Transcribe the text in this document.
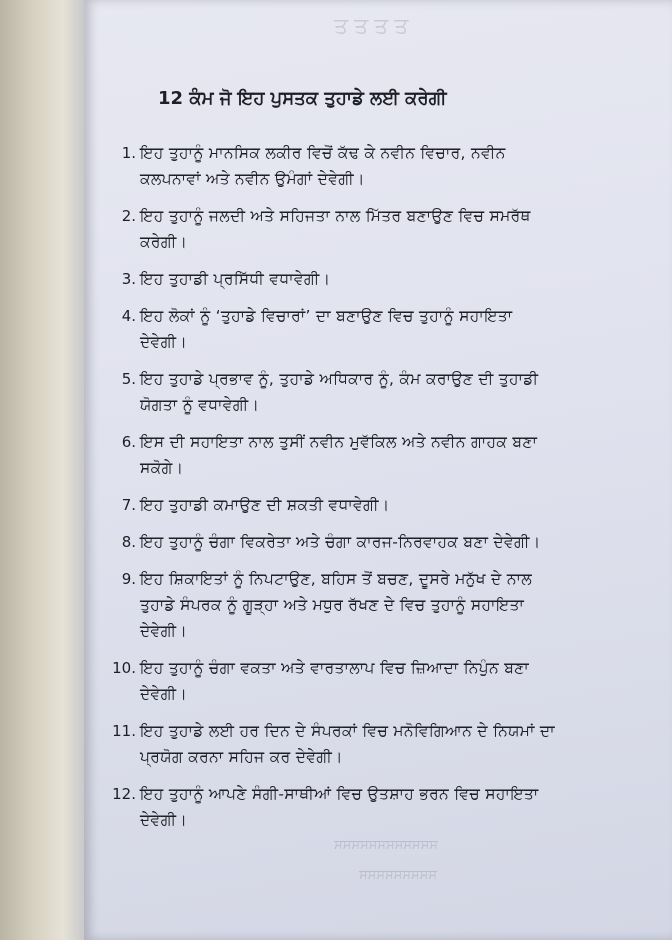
ਤਤਤਤ
ਸਸਸਸਸਸਸਸਸਸਸਸ
ਸਸਸਸਸਸਸਸਸ
12 ਕੰਮ ਜੋ ਇਹ ਪੁਸਤਕ ਤੁਹਾਡੇ ਲਈ ਕਰੇਗੀ
1. ਇਹ ਤੁਹਾਨੂੰ ਮਾਨਸਿਕ ਲਕੀਰ ਵਿਚੋਂ ਕੱਢ ਕੇ ਨਵੀਨ ਵਿਚਾਰ, ਨਵੀਨ ਕਲਪਨਾਵਾਂ ਅਤੇ ਨਵੀਨ ਉਮੰਗਾਂ ਦੇਵੇਗੀ।
2. ਇਹ ਤੁਹਾਨੂੰ ਜਲਦੀ ਅਤੇ ਸਹਿਜਤਾ ਨਾਲ ਮਿੱਤਰ ਬਣਾਉਣ ਵਿਚ ਸਮਰੱਥ ਕਰੇਗੀ।
3. ਇਹ ਤੁਹਾਡੀ ਪ੍ਰਸਿੱਧੀ ਵਧਾਵੇਗੀ।
4. ਇਹ ਲੋਕਾਂ ਨੂੰ ‘ਤੁਹਾਡੇ ਵਿਚਾਰਾਂ’ ਦਾ ਬਣਾਉਣ ਵਿਚ ਤੁਹਾਨੂੰ ਸਹਾਇਤਾ ਦੇਵੇਗੀ।
5. ਇਹ ਤੁਹਾਡੇ ਪ੍ਰਭਾਵ ਨੂੰ, ਤੁਹਾਡੇ ਅਧਿਕਾਰ ਨੂੰ, ਕੰਮ ਕਰਾਉਣ ਦੀ ਤੁਹਾਡੀ ਯੋਗਤਾ ਨੂੰ ਵਧਾਵੇਗੀ।
6. ਇਸ ਦੀ ਸਹਾਇਤਾ ਨਾਲ ਤੁਸੀਂ ਨਵੀਨ ਮੁਵੱਕਿਲ ਅਤੇ ਨਵੀਨ ਗਾਹਕ ਬਣਾ ਸਕੋਗੇ।
7. ਇਹ ਤੁਹਾਡੀ ਕਮਾਉਣ ਦੀ ਸ਼ਕਤੀ ਵਧਾਵੇਗੀ।
8. ਇਹ ਤੁਹਾਨੂੰ ਚੰਗਾ ਵਿਕਰੇਤਾ ਅਤੇ ਚੰਗਾ ਕਾਰਜ-ਨਿਰਵਾਹਕ ਬਣਾ ਦੇਵੇਗੀ।
9. ਇਹ ਸ਼ਿਕਾਇਤਾਂ ਨੂੰ ਨਿਪਟਾਉਣ, ਬਹਿਸ ਤੋਂ ਬਚਣ, ਦੂਸਰੇ ਮਨੁੱਖ ਦੇ ਨਾਲ ਤੁਹਾਡੇ ਸੰਪਰਕ ਨੂੰ ਗੂੜ੍ਹਾ ਅਤੇ ਮਧੁਰ ਰੱਖਣ ਦੇ ਵਿਚ ਤੁਹਾਨੂੰ ਸਹਾਇਤਾ ਦੇਵੇਗੀ।
10. ਇਹ ਤੁਹਾਨੂੰ ਚੰਗਾ ਵਕਤਾ ਅਤੇ ਵਾਰਤਾਲਾਪ ਵਿਚ ਜ਼ਿਆਦਾ ਨਿਪੁੰਨ ਬਣਾ ਦੇਵੇਗੀ।
11. ਇਹ ਤੁਹਾਡੇ ਲਈ ਹਰ ਦਿਨ ਦੇ ਸੰਪਰਕਾਂ ਵਿਚ ਮਨੋਵਿਗਿਆਨ ਦੇ ਨਿਯਮਾਂ ਦਾ ਪ੍ਰਯੋਗ ਕਰਨਾ ਸਹਿਜ ਕਰ ਦੇਵੇਗੀ।
12. ਇਹ ਤੁਹਾਨੂੰ ਆਪਣੇ ਸੰਗੀ-ਸਾਥੀਆਂ ਵਿਚ ਉਤਸ਼ਾਹ ਭਰਨ ਵਿਚ ਸਹਾਇਤਾ ਦੇਵੇਗੀ।
